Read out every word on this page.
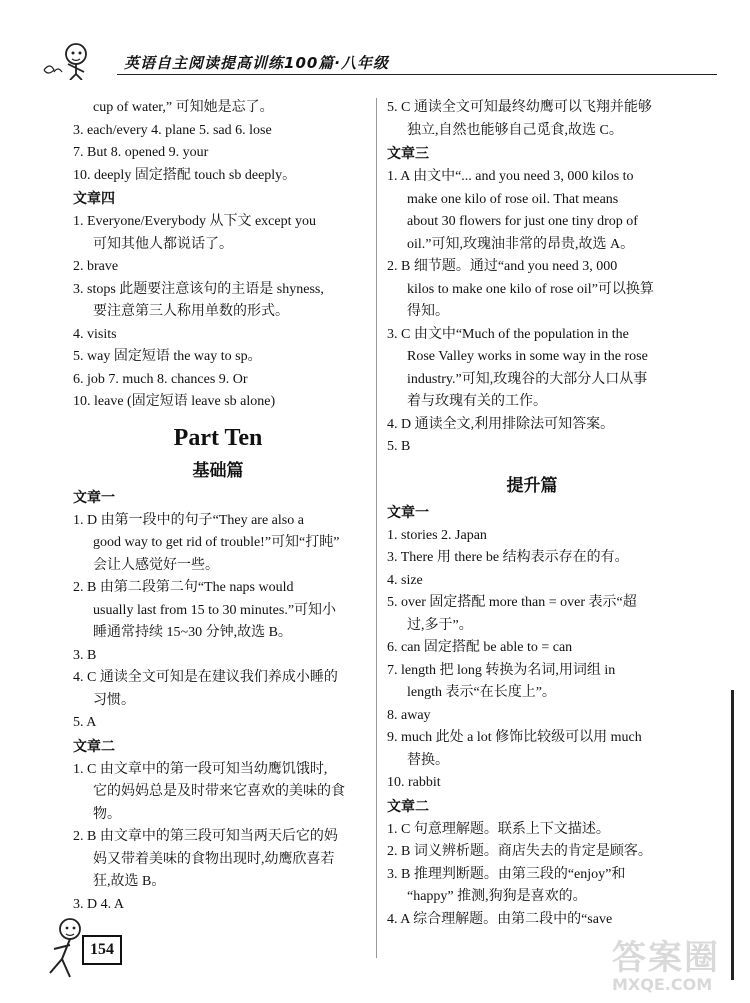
英语自主阅读提高训练100篇·八年级
cup of water,” 可知她是忘了。
3. each/every 4. plane 5. sad 6. lose
7. But 8. opened 9. your
10. deeply 固定搭配 touch sb deeply。
文章四
1. Everyone/Everybody 从下文 except you
可知其他人都说话了。
2. brave
3. stops 此题要注意该句的主语是 shyness,
要注意第三人称用单数的形式。
4. visits
5. way 固定短语 the way to sp。
6. job 7. much 8. chances 9. Or
10. leave (固定短语 leave sb alone)
Part Ten
基础篇
文章一
1. D 由第一段中的句子“They are also a
good way to get rid of trouble!”可知“打盹”
会让人感觉好一些。
2. B 由第二段第二句“The naps would
usually last from 15 to 30 minutes.”可知小
睡通常持续 15~30 分钟,故选 B。
3. B
4. C 通读全文可知是在建议我们养成小睡的
习惯。
5. A
文章二
1. C 由文章中的第一段可知当幼鹰饥饿时,
它的妈妈总是及时带来它喜欢的美味的食
物。
2. B 由文章中的第三段可知当两天后它的妈
妈又带着美味的食物出现时,幼鹰欣喜若
狂,故选 B。
3. D 4. A
5. C 通读全文可知最终幼鹰可以飞翔并能够
独立,自然也能够自己觅食,故选 C。
文章三
1. A 由文中“... and you need 3, 000 kilos to
make one kilo of rose oil. That means
about 30 flowers for just one tiny drop of
oil.”可知,玫瑰油非常的昂贵,故选 A。
2. B 细节题。通过“and you need 3, 000
kilos to make one kilo of rose oil”可以换算
得知。
3. C 由文中“Much of the population in the
Rose Valley works in some way in the rose
industry.”可知,玫瑰谷的大部分人口从事
着与玫瑰有关的工作。
4. D 通读全文,利用排除法可知答案。
5. B
提升篇
文章一
1. stories 2. Japan
3. There 用 there be 结构表示存在的有。
4. size
5. over 固定搭配 more than = over 表示“超
过,多于”。
6. can 固定搭配 be able to = can
7. length 把 long 转换为名词,用词组 in
length 表示“在长度上”。
8. away
9. much 此处 a lot 修饰比较级可以用 much
替换。
10. rabbit
文章二
1. C 句意理解题。联系上下文描述。
2. B 词义辨析题。商店失去的肯定是顾客。
3. B 推理判断题。由第三段的“enjoy”和
“happy” 推测,狗狗是喜欢的。
4. A 综合理解题。由第二段中的“save
154	答案圈
MXQE.COM
